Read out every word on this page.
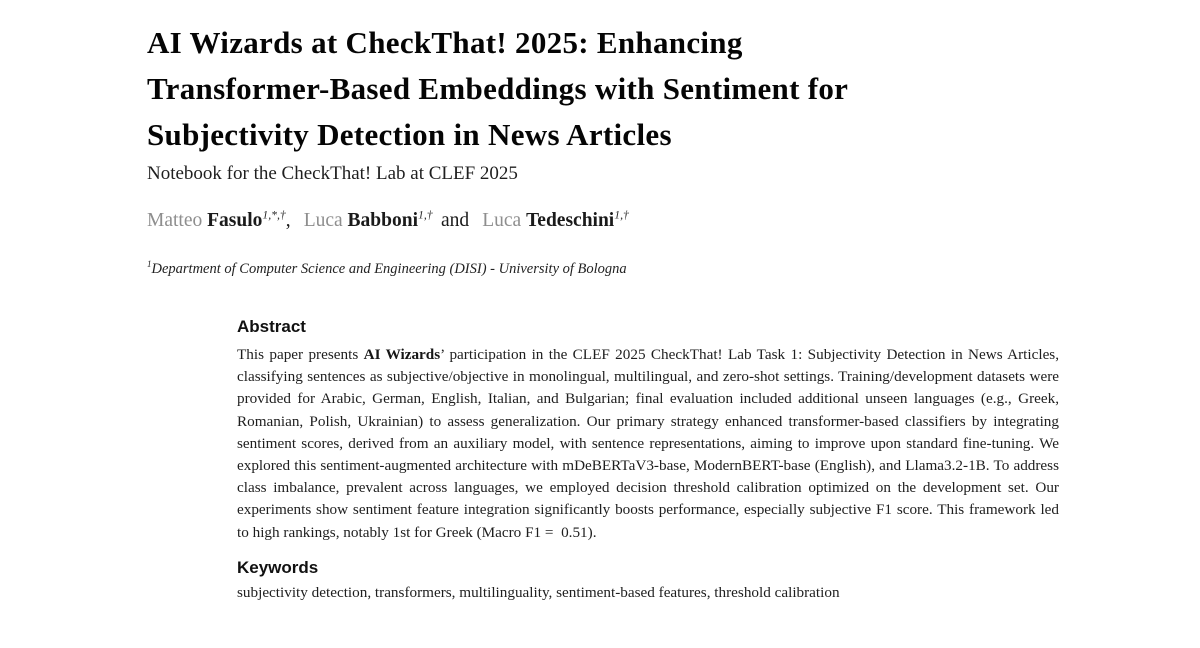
AI Wizards at CheckThat! 2025: Enhancing
Transformer-Based Embeddings with Sentiment for
Subjectivity Detection in News Articles

Notebook for the CheckThat! Lab at CLEF 2025

Matteo Fasulo$^{1,*,\dagger}$, Luca Babboni$^{1,\dagger}$ and Luca Tedeschini$^{1,\dagger}$

$^1$Department of Computer Science and Engineering (DISI) - University of Bologna

Abstract

This paper presents AI Wizards’ participation in the CLEF 2025 CheckThat! Lab Task 1: Subjectivity Detection in News Articles, classifying sentences as subjective/objective in monolingual, multilingual, and zero-shot settings. Training/development datasets were provided for Arabic, German, English, Italian, and Bulgarian; final evaluation included additional unseen languages (e.g., Greek, Romanian, Polish, Ukrainian) to assess generalization. Our primary strategy enhanced transformer-based classifiers by integrating sentiment scores, derived from an auxiliary model, with sentence representations, aiming to improve upon standard fine-tuning. We explored this sentiment-augmented architecture with mDeBERTaV3-base, ModernBERT-base (English), and Llama3.2-1B. To address class imbalance, prevalent across languages, we employed decision threshold calibration optimized on the development set. Our experiments show sentiment feature integration significantly boosts performance, especially subjective F1 score. This framework led to high rankings, notably 1st for Greek (Macro F1 =  0.51).

Keywords

subjectivity detection, transformers, multilinguality, sentiment-based features, threshold calibration
